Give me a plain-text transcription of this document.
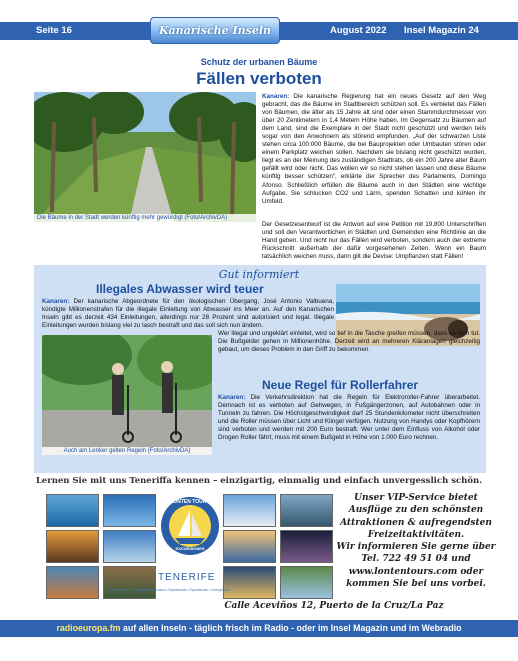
Seite 16	August 2022 Insel Magazin 24
Kanarische Inseln
Schutz der urbanen Bäume
Fällen verboten
Die Bäume in der Stadt werden künftig mehr gewürdigt (Foto/ArchivDA)
Kanaren: Die kanarische Regierung hat ein neues Gesetz auf den Weg gebracht, das die Bäume im Stadtbereich schützen soll. Es verbietet das Fällen von Bäumen, die älter als 15 Jahre alt sind oder einen Stammdurchmesser von über 20 Zentimetern in 1,4 Metern Höhe haben. Im Gegensatz zu Bäumen auf dem Land, sind die Exemplare in der Stadt nicht geschützt und werden teils sogar von den Anwohnern als störend empfunden. „Auf der schwarzen Liste stehen circa 100.000 Bäume, die bei Bauprojekten oder Umbauten stören oder einem Parkplatz weichen sollen. Nachdem sie bislang nicht geschützt wurden, liegt es an der Meinung des zuständigen Stadtrats, ob ein 200 Jahre alter Baum gefällt wird oder nicht. Das wollen wir so nicht stehen lassen und diese Bäume künftig besser schützen“, erklärte der Sprecher des Parlaments, Domingo Afonso. Schließlich erfüllen die Bäume auch in den Städten eine wichtige Aufgabe. Sie schlucken CO2 und Lärm, spenden Schatten und kühlen ihr Umfeld.
Der Gesetzesentwurf ist die Antwort auf eine Petition mit 19.800 Unterschriften und soll den Verantwortlichen in Städten und Gemeinden eine Richtlinie an die Hand geben. Und nicht nur das Fällen wird verboten, sondern auch der extreme Rückschnitt außerhalb der dafür vorgesehenen Zeiten. Wenn ein Baum tatsächlich weichen muss, dann gilt die Devise: Umpflanzen statt Fällen!
Gut informiert
Illegales Abwasser wird teuer
Kanaren: Der kanarische Abgeordnete für den ökologischen Übergang, José Antonio Valbuena, kündigte Millionenstrafen für die illegale Einleitung von Abwasser ins Meer an. Auf den Kanarischen Inseln gibt es derzeit 434 Einleitungen, allerdings nur 28 Prozent sind autorisiert und legal. Illegale Einleitungen wurden bislang viel zu lasch bestraft und das soll sich nun ändern.
Auch am Lenker gelten Regeln (Foto/ArchivDA)
Wer illegal und ungeklärt einleitet, wird so tief in die Tasche greifen müssen, dass es weh tut. Die Bußgelder gehen in Millionenhöhe. Derzeit wird an mehreren Kläranlagen gleichzeitig gebaut, um dieses Problem in den Griff zu bekommen.
Neue Regel für Rollerfahrer
Kanaren: Die Verkehrsdirektion hat die Regeln für Elektroroller-Fahrer überarbeitet. Demnach ist es verboten auf Gehwegen, in Fußgängerzonen, auf Autobahnen oder in Tunneln zu fahren. Die Höchstgeschwindigkeit darf 25 Stundenkilometer nicht überschreiten und die Roller müssen über Licht und Klingel verfügen. Nutzung von Handys oder Kopfhörern sind verboten und werden mit 200 Euro bestraft. Wer unter dem Einfluss von Alkohol oder Drogen Roller fährt, muss mit einem Bußgeld in Höhe von 1.000 Euro rechnen.
Lernen Sie mit uns Teneriffa kennen – einzigartig, einmalig und einfach unvergesslich schön.
LONTEN TOURS
EXCURSIONES
TENERIFE
Experiencias • Experiencias • Emotions • Experiencias • Experiencias • Unvergesslich
Unser VIP-Service bietet
Ausflüge zu den schönsten
Attraktionen & aufregendsten
Freizeitaktivitäten.
Wir informieren Sie gerne über
Tel. 722 49 51 04 und
www.lontentours.com oder
kommen Sie bei uns vorbei.
Calle Aceviños 12, Puerto de la Cruz/La Paz
radioeuropa.fm auf allen Inseln - täglich frisch im Radio - oder im Insel Magazin und im Webradio
